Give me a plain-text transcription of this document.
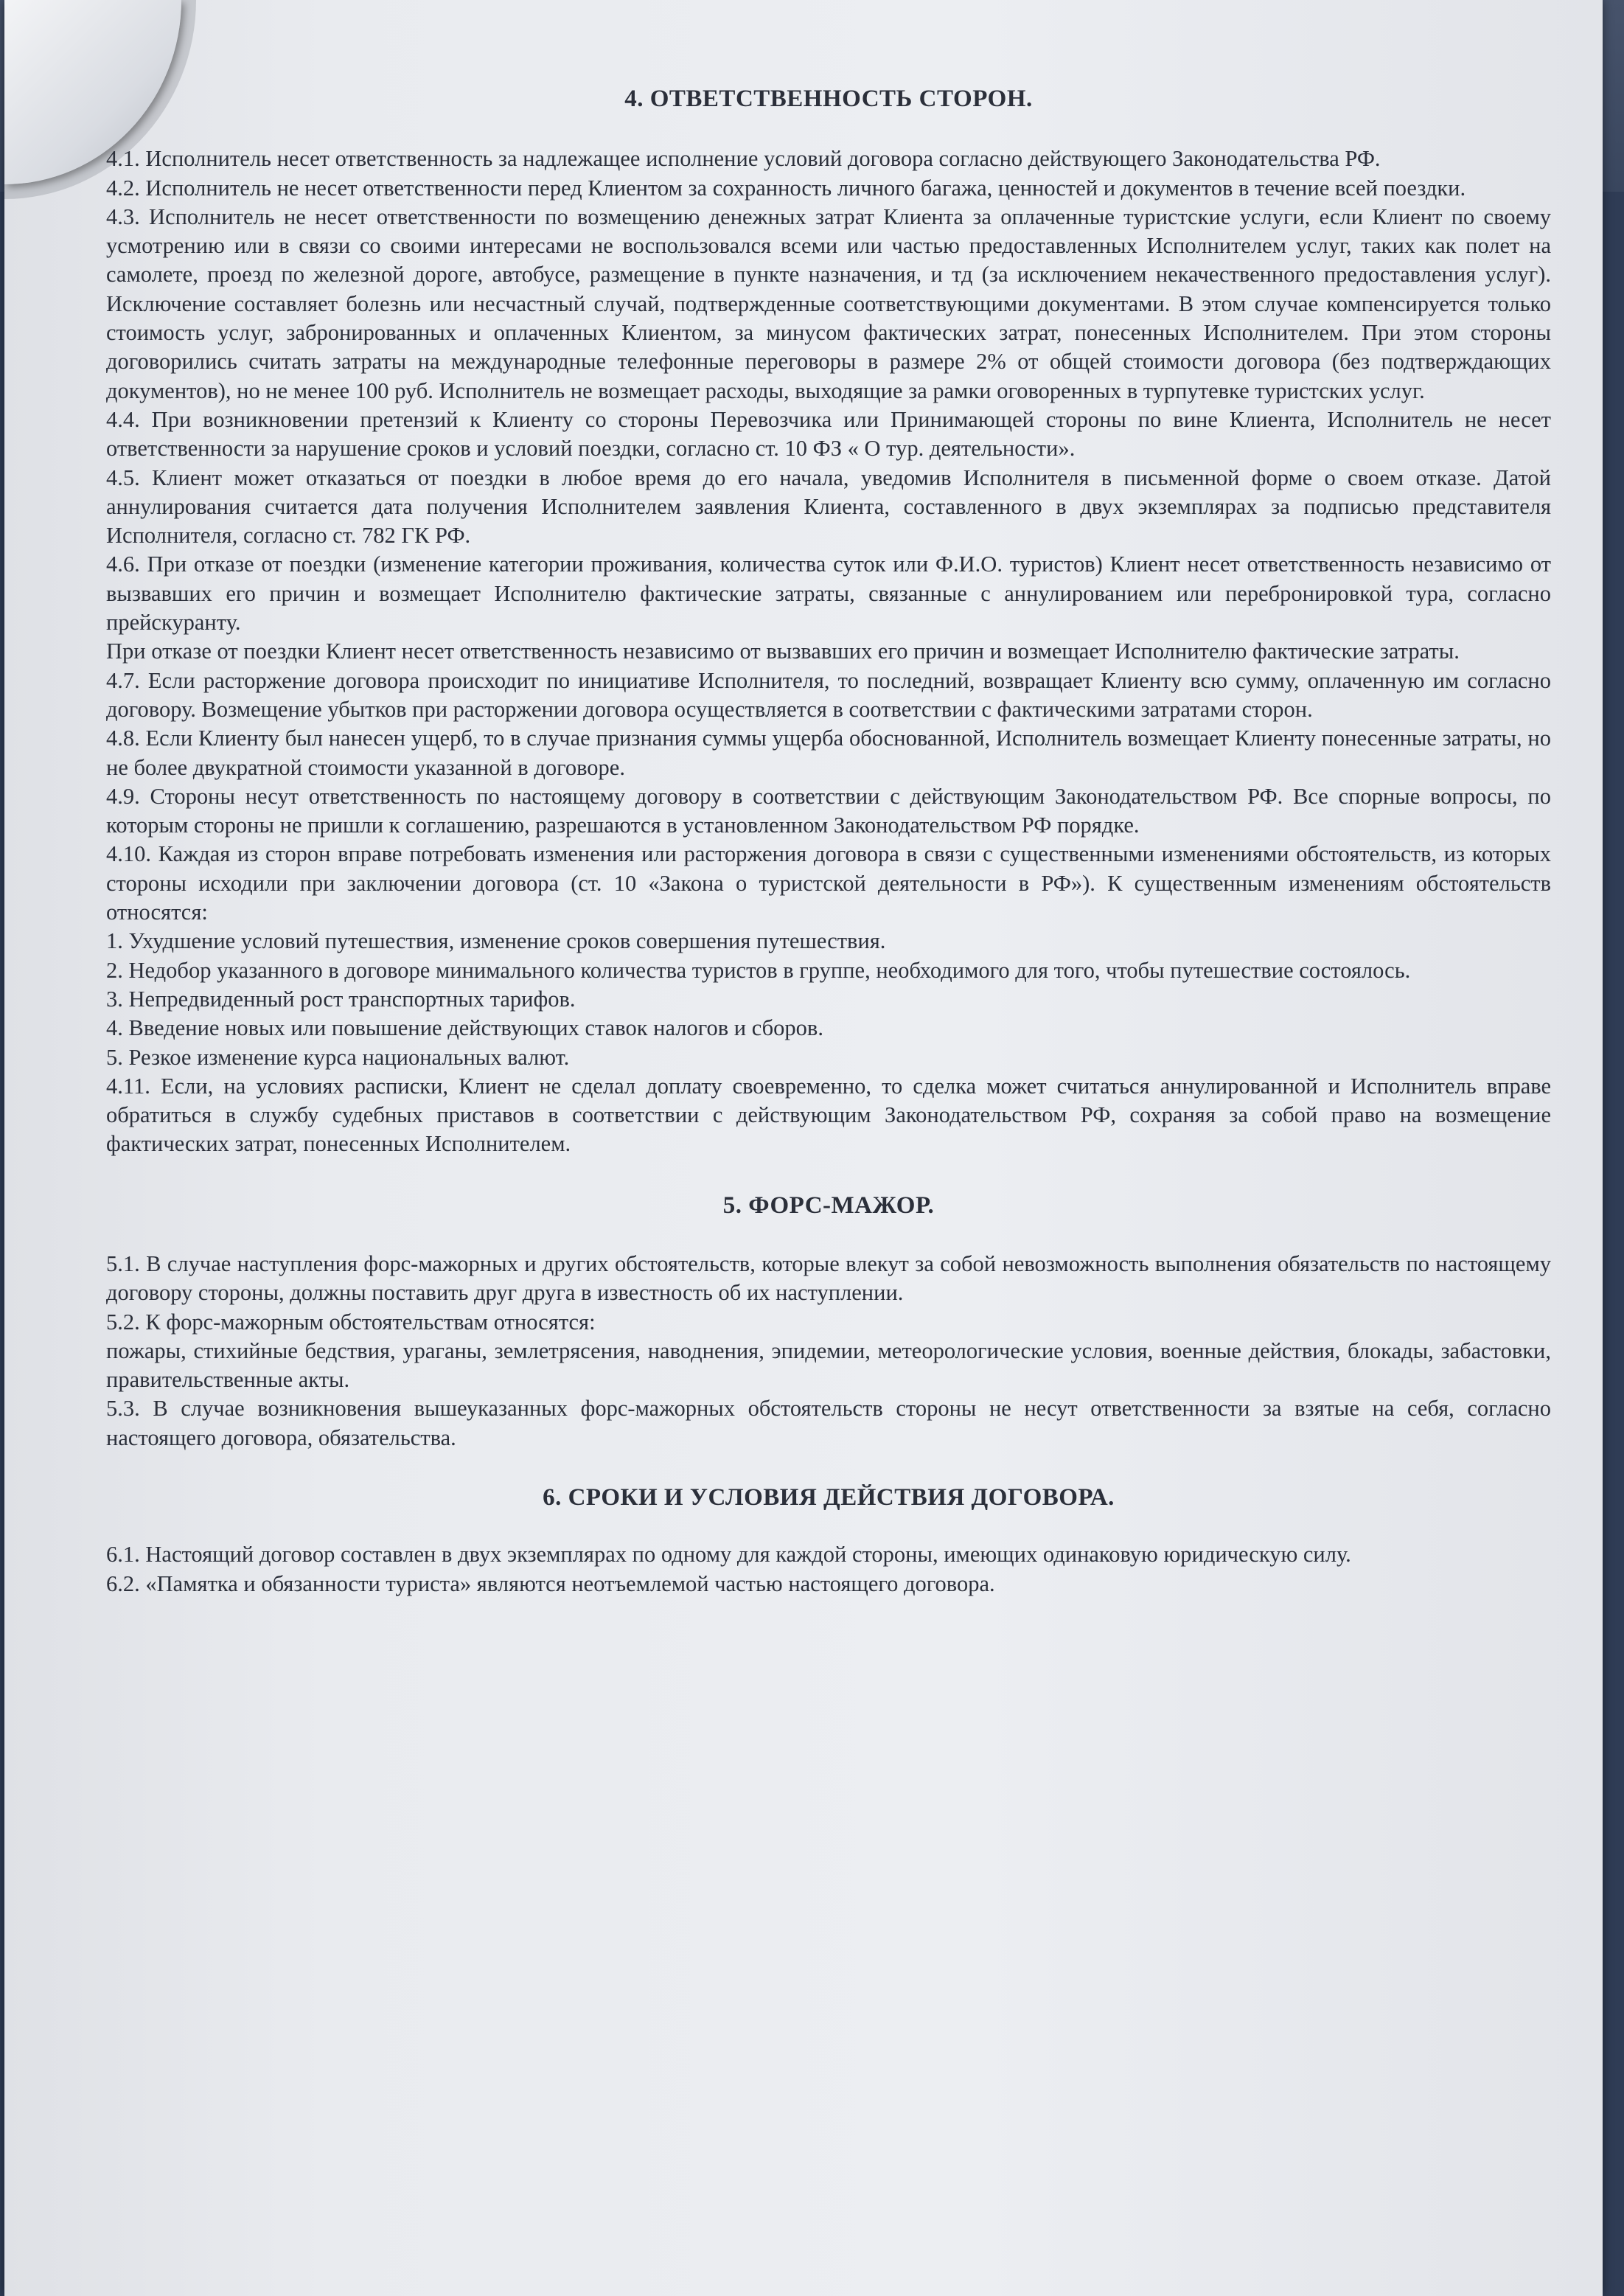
4. ОТВЕТСТВЕННОСТЬ СТОРОН.

4.1. Исполнитель несет ответственность за надлежащее исполнение условий договора согласно действующего Законодательства РФ.

4.2. Исполнитель не несет ответственности перед Клиентом за сохранность личного багажа, ценностей и документов в течение всей поездки.

4.3. Исполнитель не несет ответственности по возмещению денежных затрат Клиента за оплаченные туристские услуги, если Клиент по своему усмотрению или в связи со своими интересами не воспользовался всеми или частью предоставленных Исполнителем услуг, таких как полет на самолете, проезд по железной дороге, автобусе, размещение в пункте назначения, и тд (за исключением некачественного предоставления услуг). Исключение составляет болезнь или несчастный случай, подтвержденные соответствующими документами. В этом случае компенсируется только стоимость услуг, забронированных и оплаченных Клиентом, за минусом фактических затрат, понесенных Исполнителем. При этом стороны договорились считать затраты на международные телефонные переговоры в размере 2% от общей стоимости договора (без подтверждающих документов), но не менее 100 руб. Исполнитель не возмещает расходы, выходящие за рамки оговоренных в турпутевке туристских услуг.

4.4. При возникновении претензий к Клиенту со стороны Перевозчика или Принимающей стороны по вине Клиента, Исполнитель не несет ответственности за нарушение сроков и условий поездки, согласно ст. 10 ФЗ « О тур. деятельности».

4.5. Клиент может отказаться от поездки в любое время до его начала, уведомив Исполнителя в письменной форме о своем отказе. Датой аннулирования считается дата получения Исполнителем заявления Клиента, составленного в двух экземплярах за подписью представителя Исполнителя, согласно ст. 782 ГК РФ.

4.6. При отказе от поездки (изменение категории проживания, количества суток или Ф.И.О. туристов) Клиент несет ответственность независимо от вызвавших его причин и возмещает Исполнителю фактические затраты, связанные с аннулированием или перебронировкой тура, согласно прейскуранту.

При отказе от поездки Клиент несет ответственность независимо от вызвавших его причин и возмещает Исполнителю фактические затраты.

4.7. Если расторжение договора происходит по инициативе Исполнителя, то последний, возвращает Клиенту всю сумму, оплаченную им согласно договору. Возмещение убытков при расторжении договора осуществляется в соответствии с фактическими затратами сторон.

4.8. Если Клиенту был нанесен ущерб, то в случае признания суммы ущерба обоснованной, Исполнитель возмещает Клиенту понесенные затраты, но не более двукратной стоимости указанной в договоре.

4.9. Стороны несут ответственность по настоящему договору в соответствии с действующим Законодательством РФ. Все спорные вопросы, по которым стороны не пришли к соглашению, разрешаются в установленном Законодательством РФ порядке.

4.10. Каждая из сторон вправе потребовать изменения или расторжения договора в связи с существенными изменениями обстоятельств, из которых стороны исходили при заключении договора (ст. 10 «Закона о туристской деятельности в РФ»). К существенным изменениям обстоятельств относятся:

1. Ухудшение условий путешествия, изменение сроков совершения путешествия.

2. Недобор указанного в договоре минимального количества туристов в группе, необходимого для того, чтобы путешествие состоялось.

3. Непредвиденный рост транспортных тарифов.

4. Введение новых или повышение действующих ставок налогов и сборов.

5. Резкое изменение курса национальных валют.

4.11. Если, на условиях расписки, Клиент не сделал доплату своевременно, то сделка может считаться аннулированной и Исполнитель вправе обратиться в службу судебных приставов в соответствии с действующим Законодательством РФ, сохраняя за собой право на возмещение фактических затрат, понесенных Исполнителем.

5. ФОРС-МАЖОР.

5.1. В случае наступления форс-мажорных и других обстоятельств, которые влекут за собой невозможность выполнения обязательств по настоящему договору стороны, должны поставить друг друга в известность об их наступлении.

5.2. К форс-мажорным обстоятельствам относятся:

пожары, стихийные бедствия, ураганы, землетрясения, наводнения, эпидемии, метеорологические условия, военные действия, блокады, забастовки, правительственные акты.

5.3. В случае возникновения вышеуказанных форс-мажорных обстоятельств стороны не несут ответственности за взятые на себя, согласно настоящего договора, обязательства.

6. СРОКИ И УСЛОВИЯ ДЕЙСТВИЯ ДОГОВОРА.

6.1. Настоящий договор составлен в двух экземплярах по одному для каждой стороны, имеющих одинаковую юридическую силу.

6.2. «Памятка и обязанности туриста» являются неотъемлемой частью настоящего договора.
